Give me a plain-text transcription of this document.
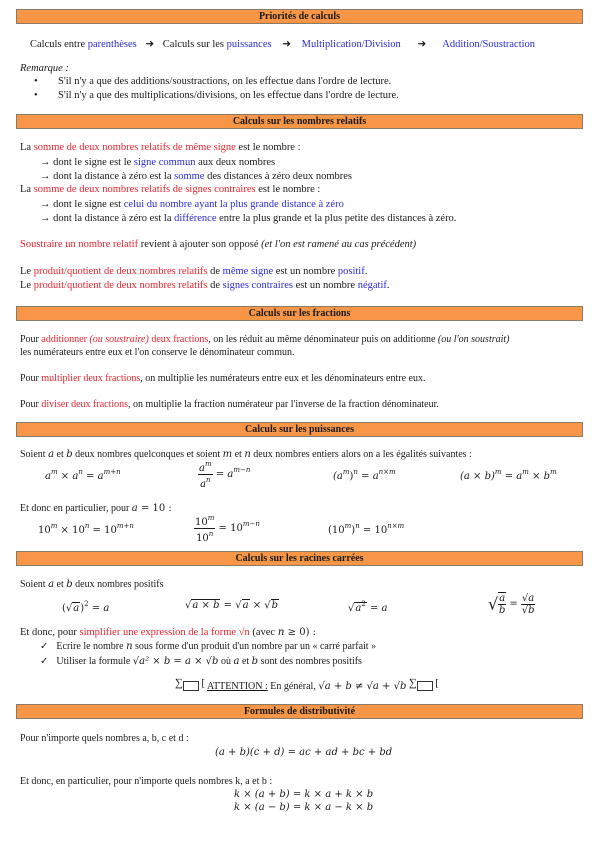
Priorités de calculs
Calculs entre parenthèses ➜ Calculs sur les puissances ➜ Multiplication/Division ➜ Addition/Soustraction
Remarque :
• S'il n'y a que des additions/soustractions, on les effectue dans l'ordre de lecture.
• S'il n'y a que des multiplications/divisions, on les effectue dans l'ordre de lecture.
Calculs sur les nombres relatifs
La somme de deux nombres relatifs de même signe est le nombre :
→ dont le signe est le signe commun aux deux nombres
→ dont la distance à zéro est la somme des distances à zéro deux nombres
La somme de deux nombres relatifs de signes contraires est le nombre :
→ dont le signe est celui du nombre ayant la plus grande distance à zéro
→ dont la distance à zéro est la différence entre la plus grande et la plus petite des distances à zéro.
Soustraire un nombre relatif revient à ajouter son opposé (et l'on est ramené au cas précédent)
Le produit/quotient de deux nombres relatifs de même signe est un nombre positif.
Le produit/quotient de deux nombres relatifs de signes contraires est un nombre négatif.
Calculs sur les fractions
Pour additionner (ou soustraire) deux fractions, on les réduit au même dénominateur puis on additionne (ou l'on soustrait)
les numérateurs entre eux et l'on conserve le dénominateur commun.
Pour multiplier deux fractions, on multiplie les numérateurs entre eux et les dénominateurs entre eux.
Pour diviser deux fractions, on multiplie la fraction numérateur par l'inverse de la fraction dénominateur.
Calculs sur les puissances
Soient a et b deux nombres quelconques et soient m et n deux nombres entiers alors on a les égalités suivantes :
$a^m \times a^n = a^{m+n}$	$\frac{a^m}{a^n} = a^{m-n}$
$(a^m)^n = a^{n\times m}$	$(a \times b)^m = a^m \times b^m$
Et donc en particulier, pour a = 10 :
$10^m \times 10^n = 10^{m+n}$	$\frac{10^m}{10^n} = 10^{m-n}$
$(10^m)^n = 10^{n\times m}$
Calculs sur les racines carrées
Soient a et b deux nombres positifs
$(√a)^2 = a$	√a × b = √a × √b	$√a^2 = a$	√ $\frac{a}{b} = \frac{√a}{√b}$
Et donc, pour simplifier une expression de la forme √n (avec n ≥ 0) :
✓ Ecrire le nombre n sous forme d'un produit d'un nombre par un « carré parfait »
✓ Utiliser la formule √a² × b = a × √b où a et b sont des nombres positifs
∑ [ ATTENTION : En général, √a + b ≠ √a + √b ∑ [
Formules de distributivité
Pour n'importe quels nombres a, b, c et d :
(a + b)(c + d) = ac + ad + bc + bd
Et donc, en particulier, pour n'importe quels nombres k, a et b :
k × (a + b) = k × a + k × b
k × (a − b) = k × a − k × b
